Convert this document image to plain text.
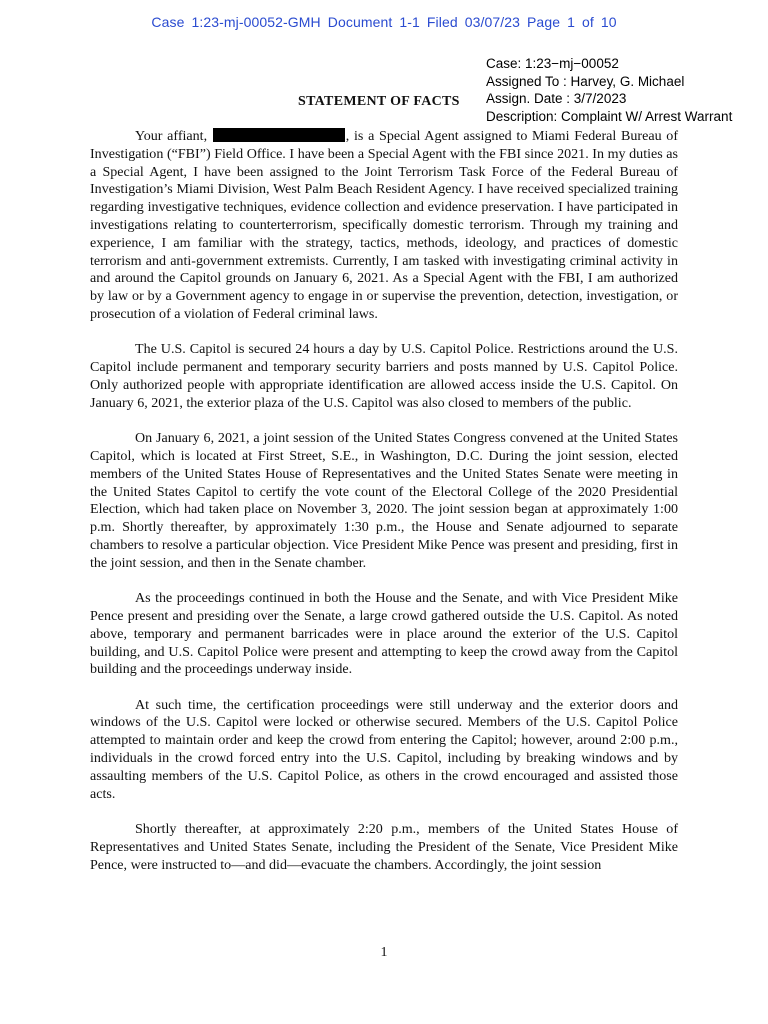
Case 1:23-mj-00052-GMH Document 1-1 Filed 03/07/23 Page 1 of 10
Case: 1:23−mj−00052
Assigned To : Harvey, G. Michael
Assign. Date : 3/7/2023
Description: Complaint W/ Arrest Warrant
STATEMENT OF FACTS

Your affiant,	, is a Special Agent assigned to Miami Federal Bureau of Investigation (“FBI”) Field Office. I have been a Special Agent with the FBI since 2021. In my duties as a Special Agent, I have been assigned to the Joint Terrorism Task Force of the Federal Bureau of Investigation’s Miami Division, West Palm Beach Resident Agency. I have received specialized training regarding investigative techniques, evidence collection and evidence preservation. I have participated in investigations relating to counterterrorism, specifically domestic terrorism. Through my training and experience, I am familiar with the strategy, tactics, methods, ideology, and practices of domestic terrorism and anti-government extremists. Currently, I am tasked with investigating criminal activity in and around the Capitol grounds on January 6, 2021. As a Special Agent with the FBI, I am authorized by law or by a Government agency to engage in or supervise the prevention, detection, investigation, or prosecution of a violation of Federal criminal laws.

The U.S. Capitol is secured 24 hours a day by U.S. Capitol Police. Restrictions around the U.S. Capitol include permanent and temporary security barriers and posts manned by U.S. Capitol Police. Only authorized people with appropriate identification are allowed access inside the U.S. Capitol. On January 6, 2021, the exterior plaza of the U.S. Capitol was also closed to members of the public.

On January 6, 2021, a joint session of the United States Congress convened at the United States Capitol, which is located at First Street, S.E., in Washington, D.C. During the joint session, elected members of the United States House of Representatives and the United States Senate were meeting in the United States Capitol to certify the vote count of the Electoral College of the 2020 Presidential Election, which had taken place on November 3, 2020. The joint session began at approximately 1:00 p.m. Shortly thereafter, by approximately 1:30 p.m., the House and Senate adjourned to separate chambers to resolve a particular objection. Vice President Mike Pence was present and presiding, first in the joint session, and then in the Senate chamber.

As the proceedings continued in both the House and the Senate, and with Vice President Mike Pence present and presiding over the Senate, a large crowd gathered outside the U.S. Capitol. As noted above, temporary and permanent barricades were in place around the exterior of the U.S. Capitol building, and U.S. Capitol Police were present and attempting to keep the crowd away from the Capitol building and the proceedings underway inside.

At such time, the certification proceedings were still underway and the exterior doors and windows of the U.S. Capitol were locked or otherwise secured. Members of the U.S. Capitol Police attempted to maintain order and keep the crowd from entering the Capitol; however, around 2:00 p.m., individuals in the crowd forced entry into the U.S. Capitol, including by breaking windows and by assaulting members of the U.S. Capitol Police, as others in the crowd encouraged and assisted those acts.

Shortly thereafter, at approximately 2:20 p.m., members of the United States House of Representatives and United States Senate, including the President of the Senate, Vice President Mike Pence, were instructed to—and did—evacuate the chambers. Accordingly, the joint session

1
